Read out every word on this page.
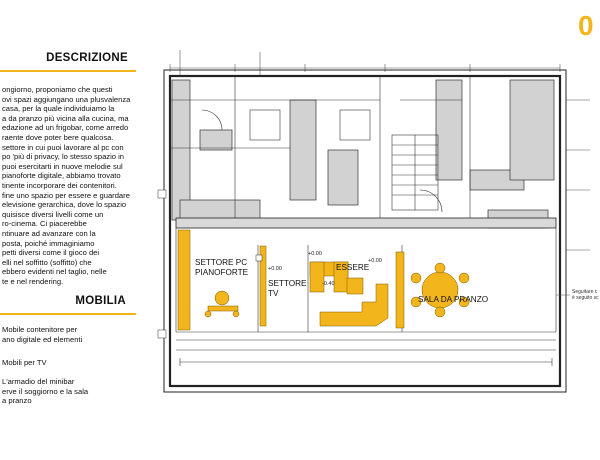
DESCRIZIONE
ongiorno, proponiamo che questi
ovi spazi aggiungano una plusvalenza
casa, per la quale individuiamo la
a da pranzo più vicina alla cucina, ma
edazione ad un frigobar, come arredo
raente dove poter bere qualcosa.
settore in cui puoi lavorare al pc con
po 'più di privacy, lo stesso spazio in
puoi esercitarti in nuove melodie sul
pianoforte digitale, abbiamo trovato
tinente incorporare dei contenitori.
fine uno spazio per essere e guardare
elevisione gerarchica, dove lo spazio
quisisce diversi livelli come un
ro-cinema. Ci piacerebbe
ntinuare ad avanzare con la
posta, poiché immaginiamo
petti diversi come il gioco dei
elli nel soffitto (soffitto) che
ebbero evidenti nel taglio, nelle
te e nel rendering.
MOBILIA
Mobile contenitore per
ano digitale ed elementi

Mobili per TV
L'armadio del minibar
erve il soggiorno e la sala
a pranzo
0
SETTORE PC
PIANOFORTE
SETTORE
TV
ESSERE
SALA DA PRANZO
+0.00
+0.00
-0.40
+0.00
Seguitare c
è seguito sc
